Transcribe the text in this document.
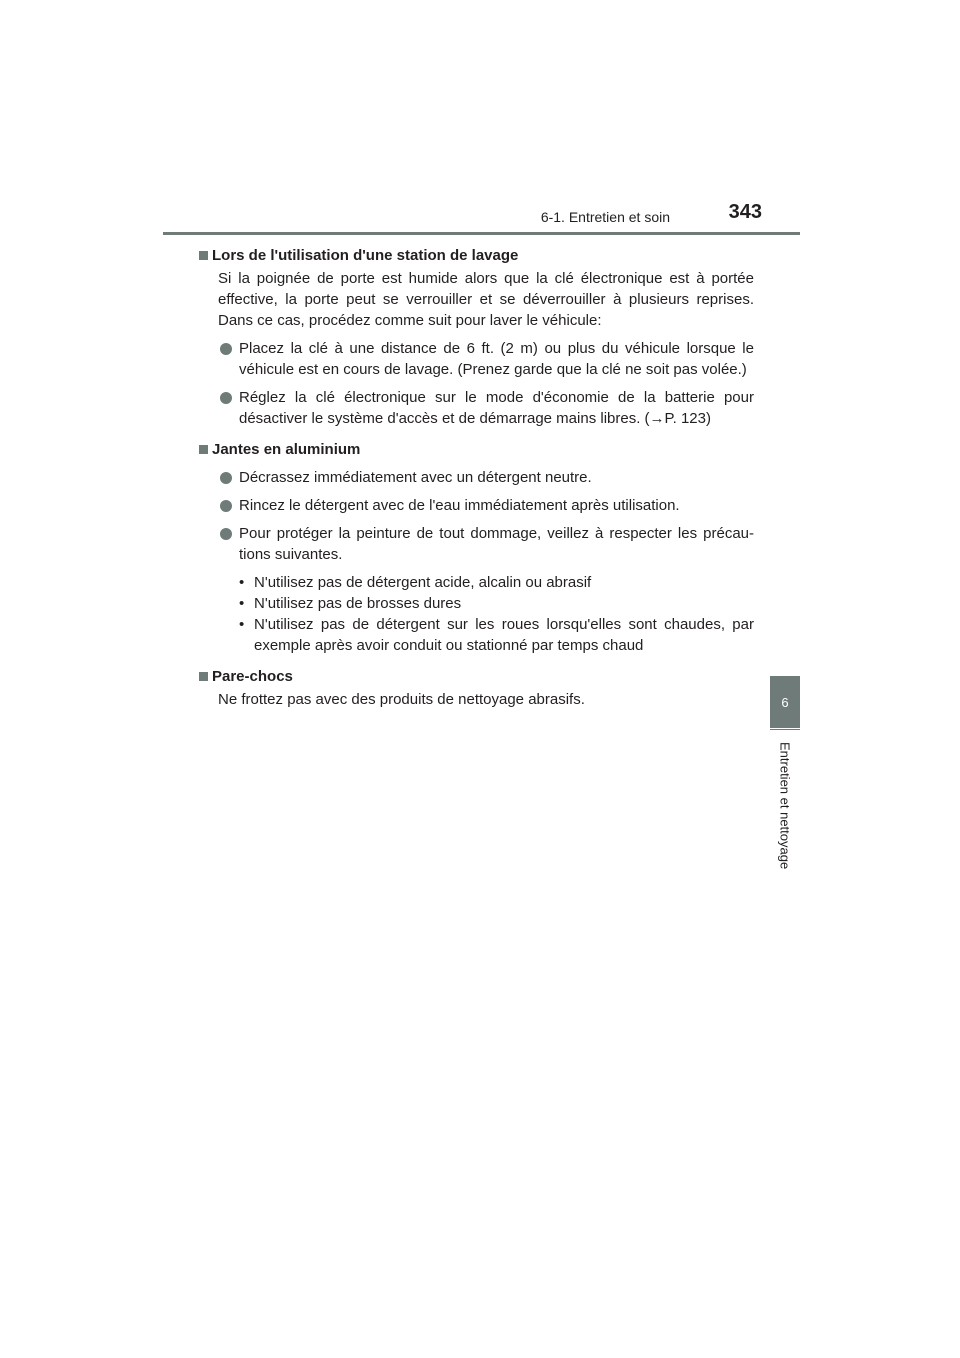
6-1. Entretien et soin	343
6
Entretien et nettoyage
Lors de l'utilisation d'une station de lavage
Si la poignée de porte est humide alors que la clé électronique est à portée effective, la porte peut se verrouiller et se déverrouiller à plusieurs reprises. Dans ce cas, procédez comme suit pour laver le véhicule:
Placez la clé à une distance de 6 ft. (2 m) ou plus du véhicule lorsque le véhicule est en cours de lavage. (Prenez garde que la clé ne soit pas volée.)
Réglez la clé électronique sur le mode d'économie de la batterie pour désactiver le système d'accès et de démarrage mains libres. (→P. 123)
Jantes en aluminium
Décrassez immédiatement avec un détergent neutre.
Rincez le détergent avec de l'eau immédiatement après utilisation.
Pour protéger la peinture de tout dommage, veillez à respecter les précau-tions suivantes.
• N'utilisez pas de détergent acide, alcalin ou abrasif
• N'utilisez pas de brosses dures
• N'utilisez pas de détergent sur les roues lorsqu'elles sont chaudes, par exemple après avoir conduit ou stationné par temps chaud
Pare-chocs
Ne frottez pas avec des produits de nettoyage abrasifs.
